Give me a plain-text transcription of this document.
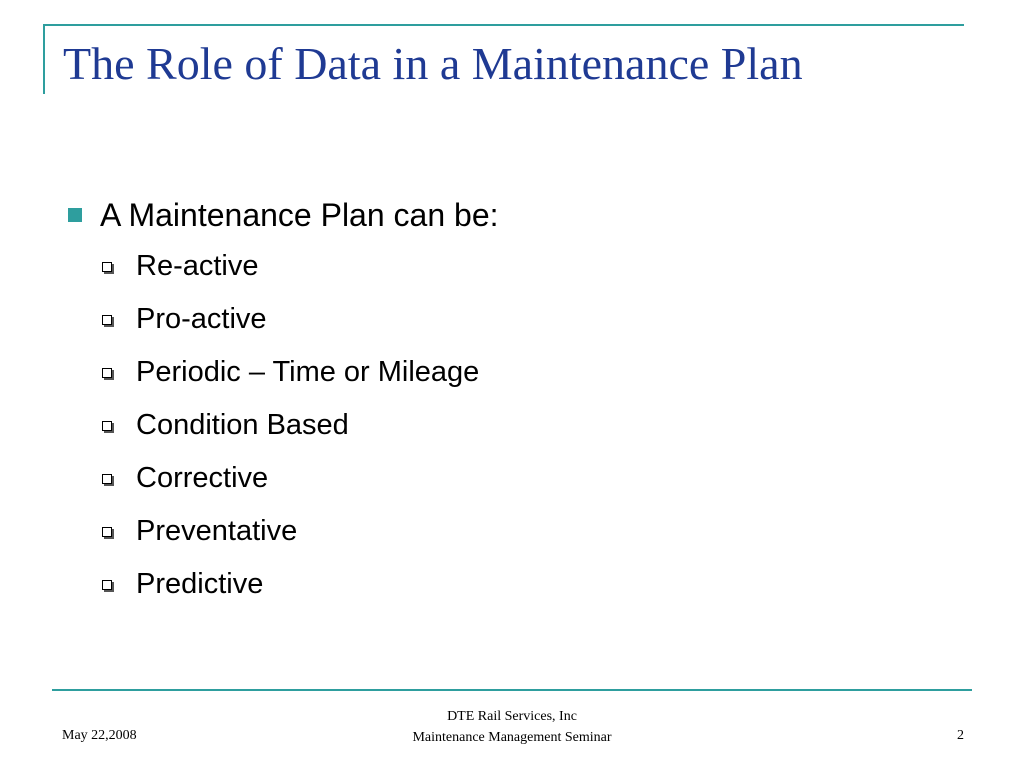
The Role of Data in a Maintenance Plan
A Maintenance Plan can be:
Re-active
Pro-active
Periodic – Time or Mileage
Condition Based
Corrective
Preventative
Predictive
May 22,2008
DTE Rail Services, Inc
Maintenance Management Seminar	2
